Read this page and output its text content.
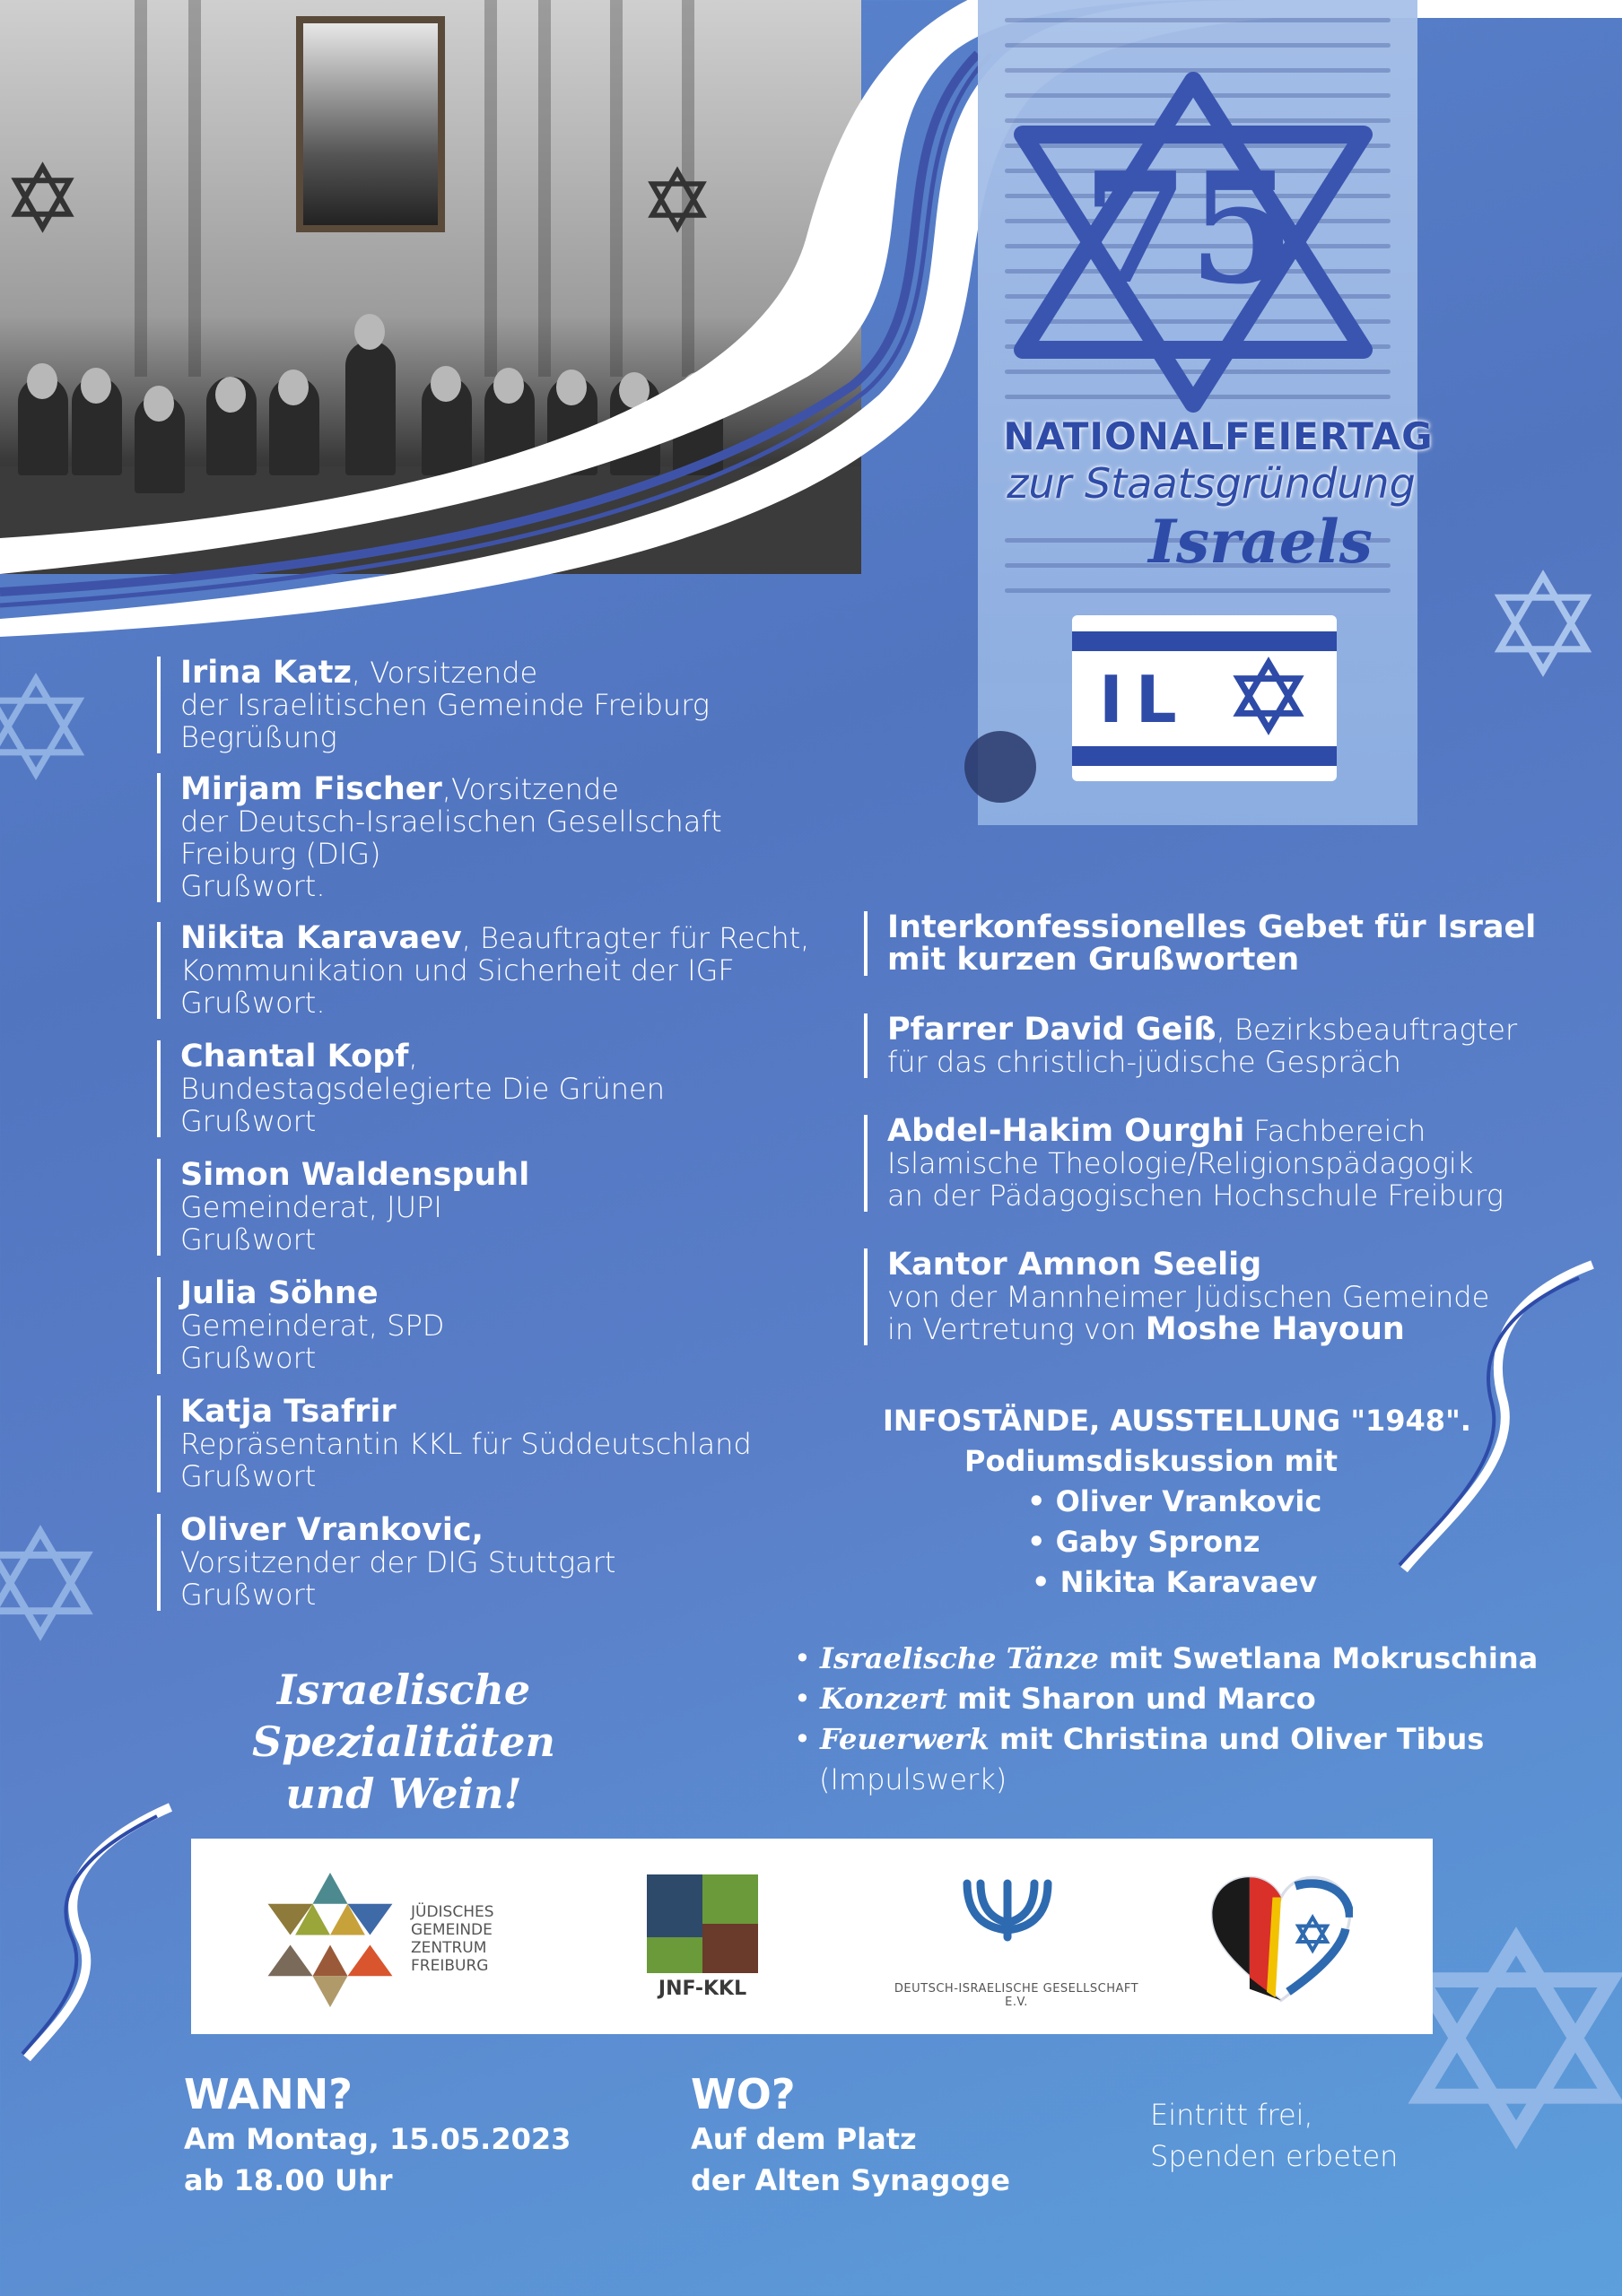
75
NATIONALFEIERTAG
zur Staatsgründung
Israels
IL
Irina Katz, Vorsitzende
der Israelitischen Gemeinde Freiburg
Begrüßung
Mirjam Fischer,Vorsitzende
der Deutsch-Israelischen Gesellschaft
Freiburg (DIG)
Grußwort.
Nikita Karavaev, Beauftragter für Recht,
Kommunikation und Sicherheit der IGF
Grußwort.
Chantal Kopf,
Bundestagsdelegierte Die Grünen
Grußwort
Simon Waldenspuhl
Gemeinderat, JUPI
Grußwort
Julia Söhne
Gemeinderat, SPD
Grußwort
Katja Tsafrir
Repräsentantin KKL für Süddeutschland
Grußwort
Oliver Vrankovic,
Vorsitzender der DIG Stuttgart
Grußwort
Interkonfessionelles Gebet für Israel
mit kurzen Grußworten
Pfarrer David Geiß, Bezirksbeauftragter
für das christlich-jüdische Gespräch
Abdel-Hakim Ourghi Fachbereich
Islamische Theologie/Religionspädagogik
an der Pädagogischen Hochschule Freiburg
Kantor Amnon Seelig
von der Mannheimer Jüdischen Gemeinde
in Vertretung von Moshe Hayoun
INFOSTÄNDE, AUSSTELLUNG "1948".
Podiumsdiskussion mit
• Oliver Vrankovic
• Gaby Spronz
• Nikita Karavaev
Israelische Spezialitäten
und Wein!
• Israelische Tänze mit Swetlana Mokruschina
• Konzert mit Sharon und Marco
• Feuerwerk mit Christina und Oliver Tibus
(Impulswerk)
JÜDISCHES
GEMEINDE
ZENTRUM
FREIBURG
JNF-KKL	DEUTSCH-ISRAELISCHE GESELLSCHAFT E.V.
WANN?
Am Montag, 15.05.2023
ab 18.00 Uhr
WO?
Auf dem Platz
der Alten Synagoge
Eintritt frei,
Spenden erbeten
